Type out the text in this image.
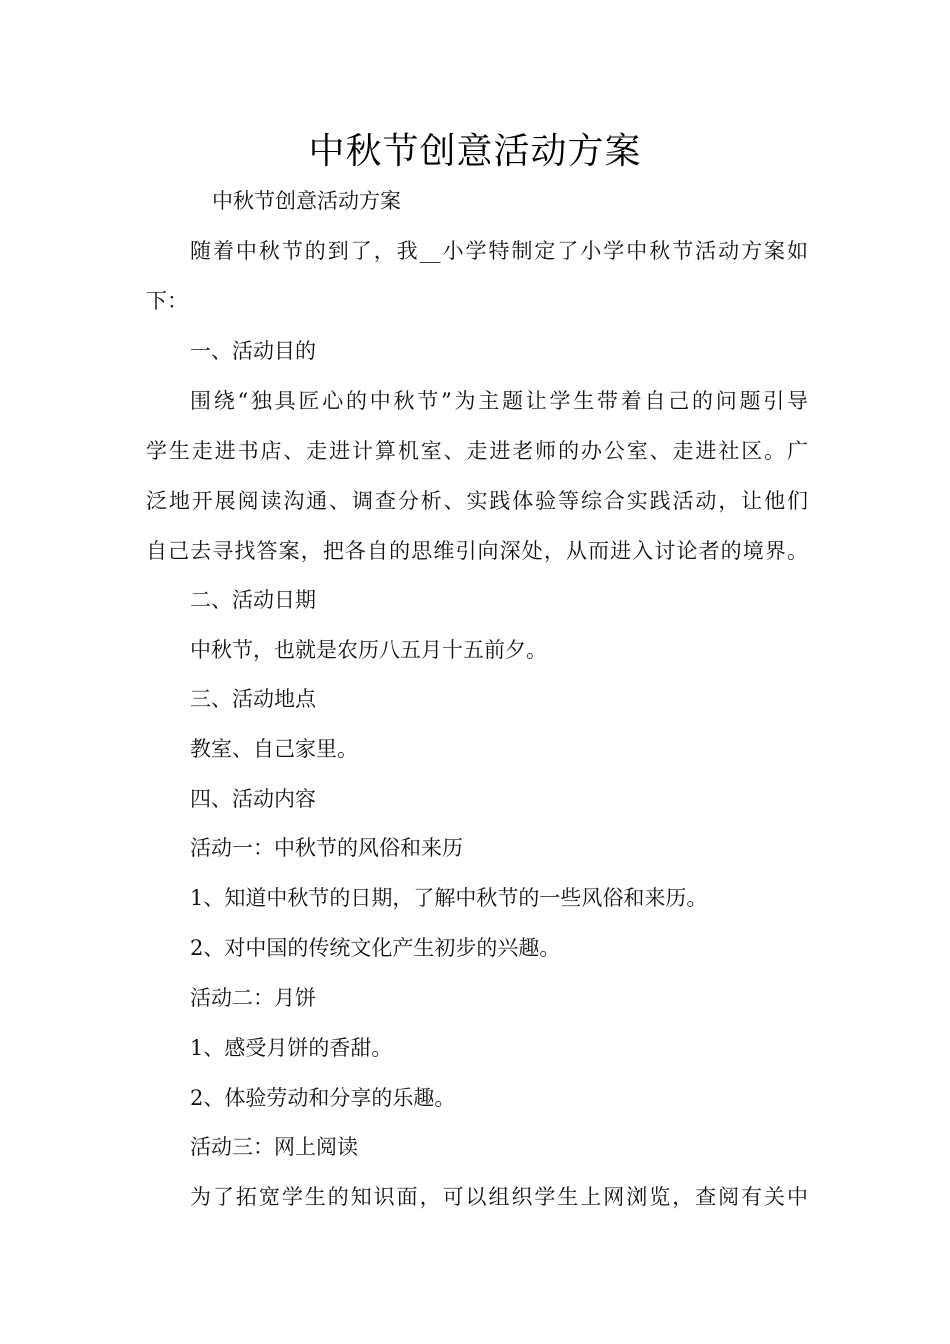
中秋节创意活动方案
中秋节创意活动方案
随着中秋节的到了，我__小学特制定了小学中秋节活动方案如
下：
一、活动目的
围绕“独具匠心的中秋节”为主题让学生带着自己的问题引导
学生走进书店、走进计算机室、走进老师的办公室、走进社区。广
泛地开展阅读沟通、调查分析、实践体验等综合实践活动，让他们
自己去寻找答案，把各自的思维引向深处，从而进入讨论者的境界。
二、活动日期
中秋节，也就是农历八五月十五前夕。
三、活动地点
教室、自己家里。
四、活动内容
活动一：中秋节的风俗和来历
1、知道中秋节的日期，了解中秋节的一些风俗和来历。
2、对中国的传统文化产生初步的兴趣。
活动二：月饼
1、感受月饼的香甜。
2、体验劳动和分享的乐趣。
活动三：网上阅读
为了拓宽学生的知识面，可以组织学生上网浏览，查阅有关中
